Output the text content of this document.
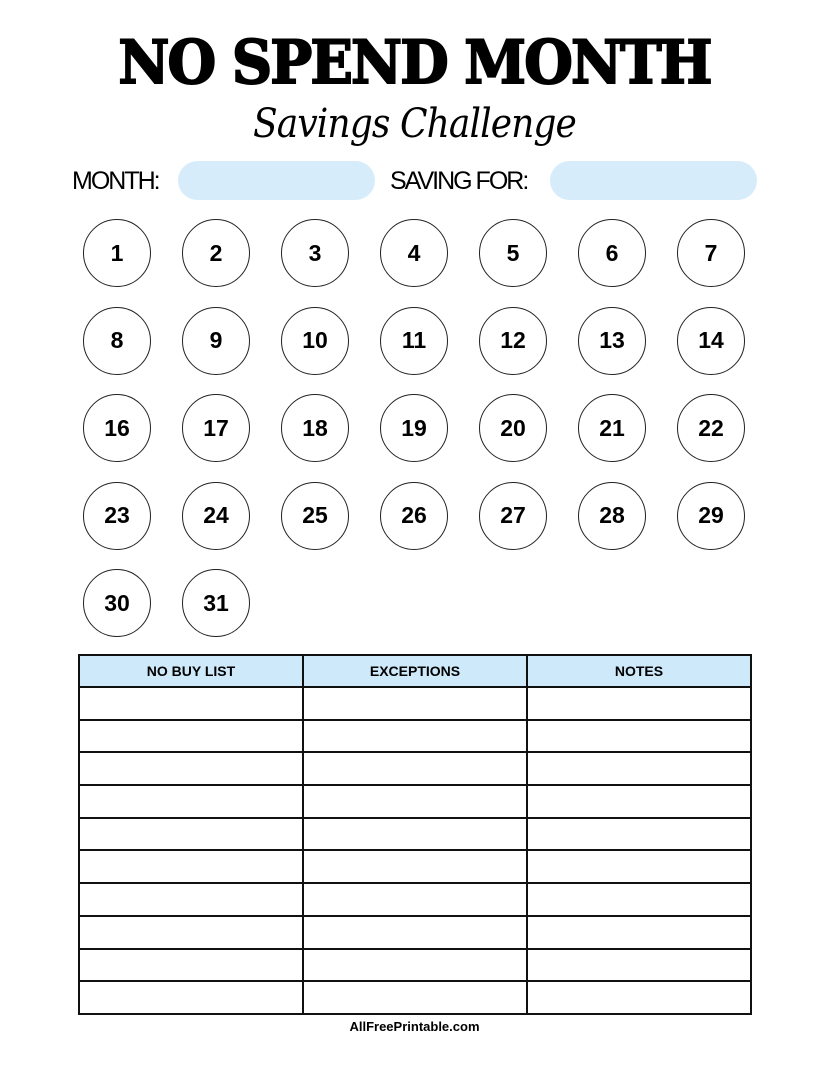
NO SPEND MONTH
Savings Challenge
MONTH:	SAVING FOR:
1	2	3	4	5	6	7
8	9	10	11	12	13	14
16	17	18	19	20	21	22
23	24	25	26	27	28	29
30	31
NO BUY LIST	EXCEPTIONS	NOTES

AllFreePrintable.com
